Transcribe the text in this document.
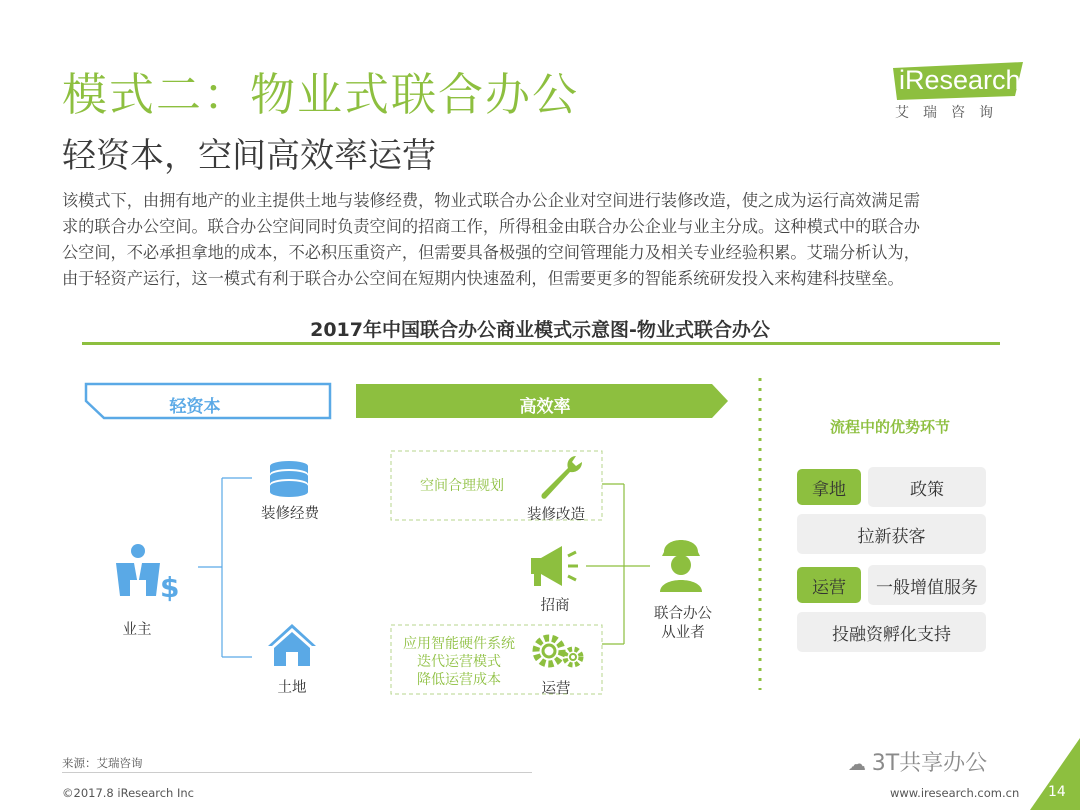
模式二：物业式联合办公
轻资本，空间高效率运营
iResearch
艾瑞咨询
该模式下，由拥有地产的业主提供土地与装修经费，物业式联合办公企业对空间进行装修改造，使之成为运行高效满足需
求的联合办公空间。联合办公空间同时负责空间的招商工作，所得租金由联合办公企业与业主分成。这种模式中的联合办
公空间，不必承担拿地的成本，不必积压重资产，但需要具备极强的空间管理能力及相关专业经验积累。艾瑞分析认为，
由于轻资产运行，这一模式有利于联合办公空间在短期内快速盈利，但需要更多的智能系统研发投入来构建科技壁垒。
2017年中国联合办公商业模式示意图-物业式联合办公
$
轻资本	高效率
装修经费
业主
土地
空间合理规划
装修改造
招商
应用智能硬件系统
迭代运营模式
降低运营成本
运营
联合办公
从业者
流程中的优势环节
拿地	政策
拉新获客
运营	一般增值服务
投融资孵化支持
来源：艾瑞咨询
©2017.8 iResearch Inc	www.iresearch.com.cn
☁ 3T共享办公
14
